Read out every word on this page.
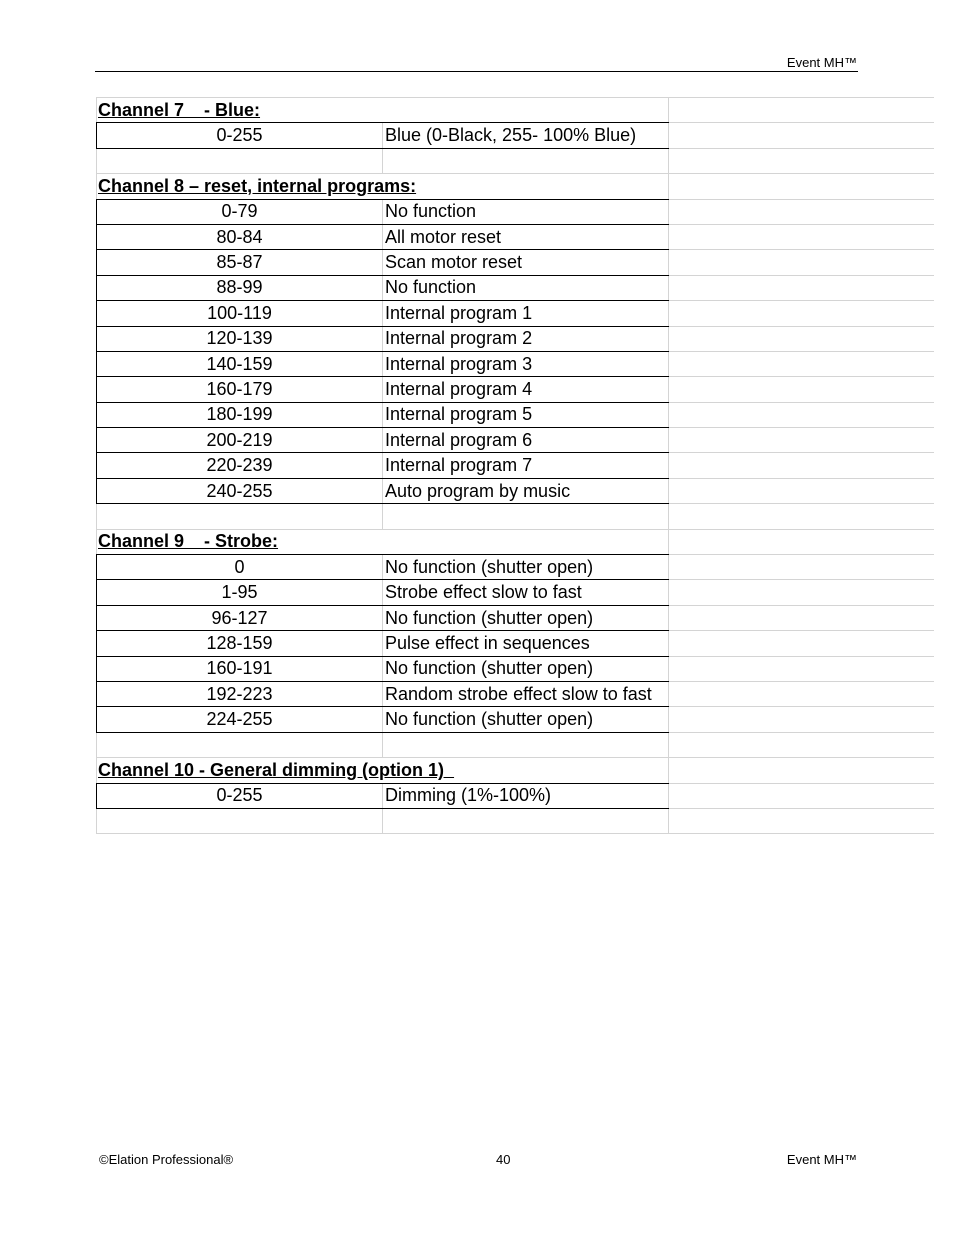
Event MH™
Channel 7    - Blue:		
0-255	Blue (0-Black, 255- 100% Blue)	

Channel 8 – reset, internal programs:		
0-79	No function	
80-84	All motor reset	
85-87	Scan motor reset	
88-99	No function	
100-119	Internal program 1	
120-139	Internal program 2	
140-159	Internal program 3	
160-179	Internal program 4	
180-199	Internal program 5	
200-219	Internal program 6	
220-239	Internal program 7	
240-255	Auto program by music	

Channel 9    - Strobe:		
0	No function (shutter open)	
1-95	Strobe effect slow to fast	
96-127	No function (shutter open)	
128-159	Pulse effect in sequences	
160-191	No function (shutter open)	
192-223	Random strobe effect slow to fast	
224-255	No function (shutter open)	

Channel 10 - General dimming (option 1)		
0-255	Dimming (1%-100%)	

©Elation Professional®	40	Event MH™
